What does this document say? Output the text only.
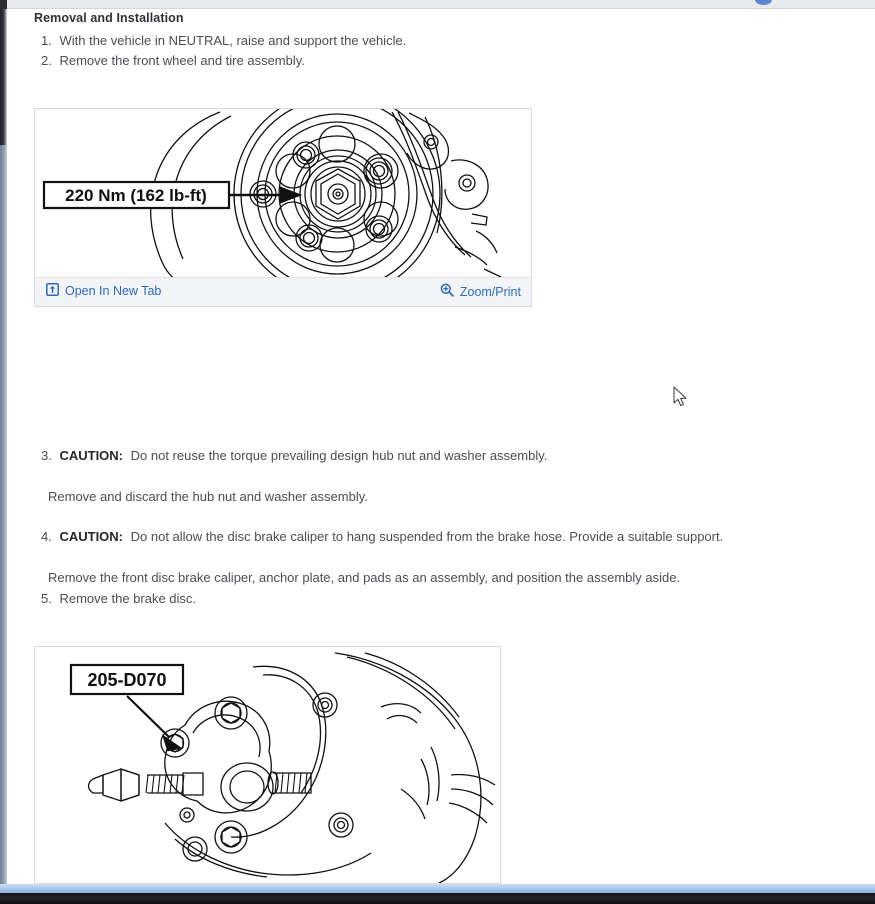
Removal and Installation
1. With the vehicle in NEUTRAL, raise and support the vehicle.
2. Remove the front wheel and tire assembly.
220 Nm (162 lb-ft)
Open In New Tab	Zoom/Print
3. CAUTION: Do not reuse the torque prevailing design hub nut and washer assembly.
Remove and discard the hub nut and washer assembly.
4. CAUTION: Do not allow the disc brake caliper to hang suspended from the brake hose. Provide a suitable support.
Remove the front disc brake caliper, anchor plate, and pads as an assembly, and position the assembly aside.
5. Remove the brake disc.
205-D070
